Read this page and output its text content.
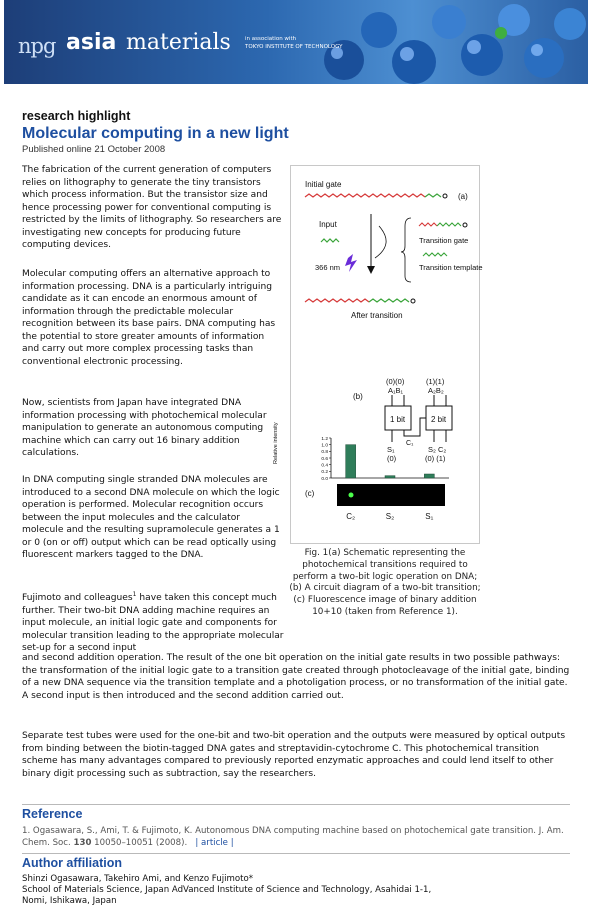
npg asia materials	in association with
TOKYO INSTITUTE OF TECHNOLOGY
research highlight
Molecular computing in a new light
Published online 21 October 2008

The fabrication of the current generation of computers relies on lithography to generate the tiny transistors which process information. But the transistor size and hence processing power for conventional computing is restricted by the limits of lithography. So researchers are investigating new concepts for producing future computing devices.

Molecular computing offers an alternative approach to information processing. DNA is a particularly intriguing candidate as it can encode an enormous amount of information through the predictable molecular recognition between its base pairs. DNA computing has the potential to store greater amounts of information and carry out more complex processing tasks than conventional electronic processing.

Now, scientists from Japan have integrated DNA information processing with photochemical molecular manipulation to generate an autonomous computing machine which can carry out 16 binary addition calculations.

In DNA computing single stranded DNA molecules are introduced to a second DNA molecule on which the logic operation is performed. Molecular recognition occurs between the input molecules and the calculator molecule and the resulting supramolecule generates a 1 or 0 (on or off) output which can be read optically using fluorescent markers tagged to the DNA.

Fujimoto and colleagues$^1$ have taken this concept much further. Their two-bit DNA adding machine requires an input molecule, an initial logic gate and components for molecular transition leading to the appropriate molecular set-up for a second input

and second addition operation. The result of the one bit operation on the initial gate results in two possible pathways: the transformation of the initial logic gate to a transition gate created through photocleavage of the initial gate, binding of a new DNA sequence via the transition template and a photoligation process, or no transformation of the initial gate. A second input is then introduced and the second addition carried out.

Separate test tubes were used for the one-bit and two-bit operation and the outputs were measured by optical outputs from binding between the biotin-tagged DNA gates and streptavidin-cytochrome C. This photochemical transition scheme has many advantages compared to previously reported enzymatic approaches and could lend itself to other binary digit processing such as subtraction, say the researchers.

Initial gate
(a)
Input
366 nm
Transition gate
Transition template
After transition
(b)
(0)(0)
A₁B₁
(1)(1)
A₂B₂
1 bit	2 bit
C₁
S₁
(0)
S₂ C₂
(0) (1)
Relative intensity
0.0
0.2
0.4
0.6
0.8
1.0
1.2
C₂	S₂	S₁
(c)

Fig. 1(a) Schematic representing the photochemical transitions required to perform a two-bit logic operation on DNA; (b) A circuit diagram of a two-bit transition; (c) Fluorescence image of binary addition 10+10 (taken from Reference 1).

Reference

1. Ogasawara, S., Ami, T. & Fujimoto, K. Autonomous DNA computing machine based on photochemical gate transition. J. Am. Chem. Soc. 130 10050–10051 (2008). | article |

Author affiliation
Shinzi Ogasawara, Takehiro Ami, and Kenzo Fujimoto*
School of Materials Science, Japan AdVanced Institute of Science and Technology, Asahidai 1-1,
Nomi, Ishikawa, Japan
